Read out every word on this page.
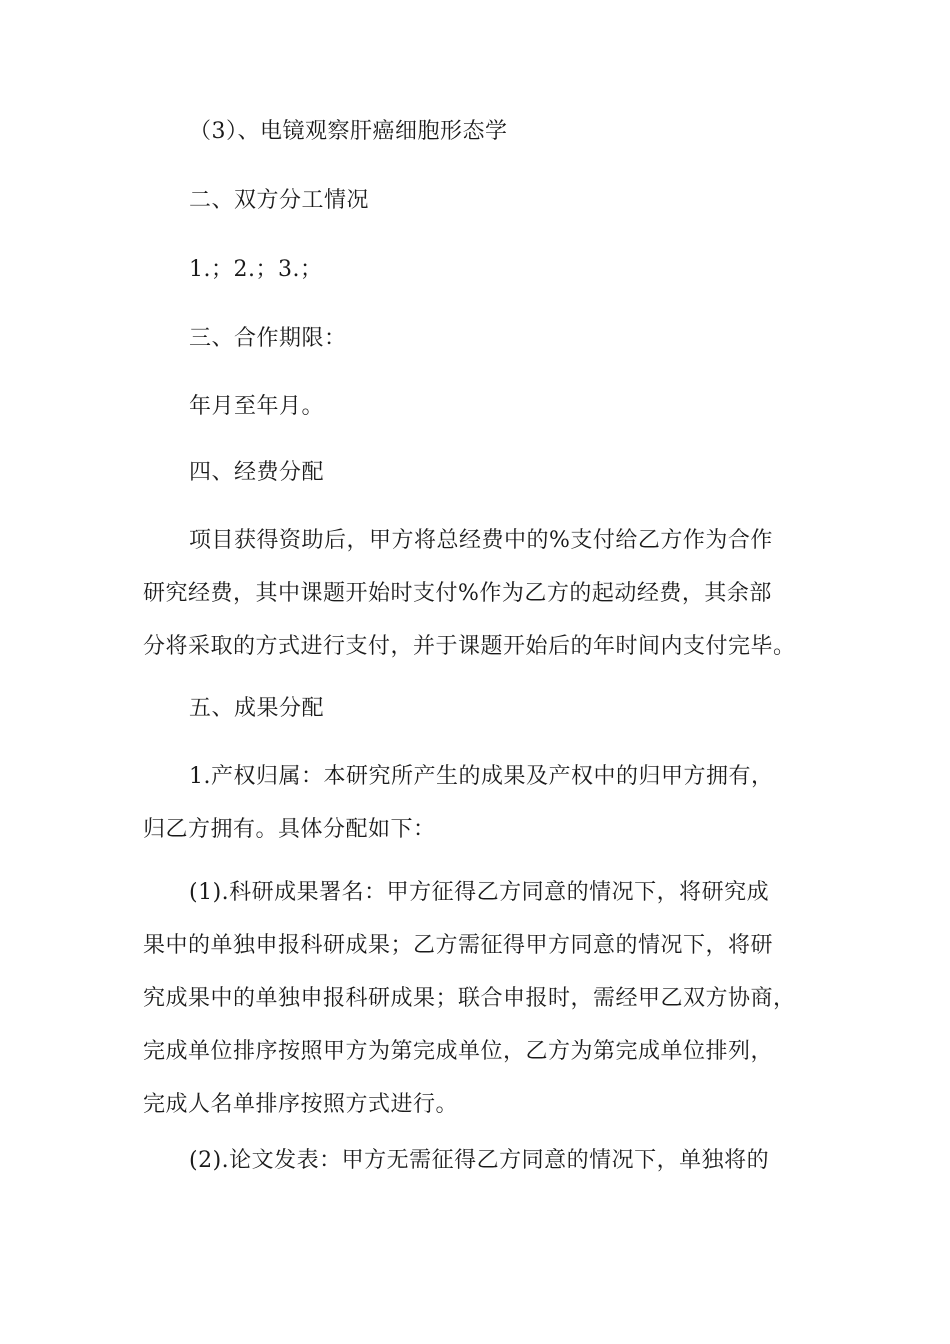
（3）、电镜观察肝癌细胞形态学
二、双方分工情况
1.；2.；3.；
三、合作期限：
年月至年月。
四、经费分配
项目获得资助后，甲方将总经费中的%支付给乙方作为合作
研究经费，其中课题开始时支付%作为乙方的起动经费，其余部
分将采取的方式进行支付，并于课题开始后的年时间内支付完毕。
五、成果分配
1.产权归属：本研究所产生的成果及产权中的归甲方拥有，
归乙方拥有。具体分配如下：
(1).科研成果署名：甲方征得乙方同意的情况下，将研究成
果中的单独申报科研成果；乙方需征得甲方同意的情况下，将研
究成果中的单独申报科研成果；联合申报时，需经甲乙双方协商，
完成单位排序按照甲方为第完成单位，乙方为第完成单位排列，
完成人名单排序按照方式进行。
(2).论文发表：甲方无需征得乙方同意的情况下，单独将的
